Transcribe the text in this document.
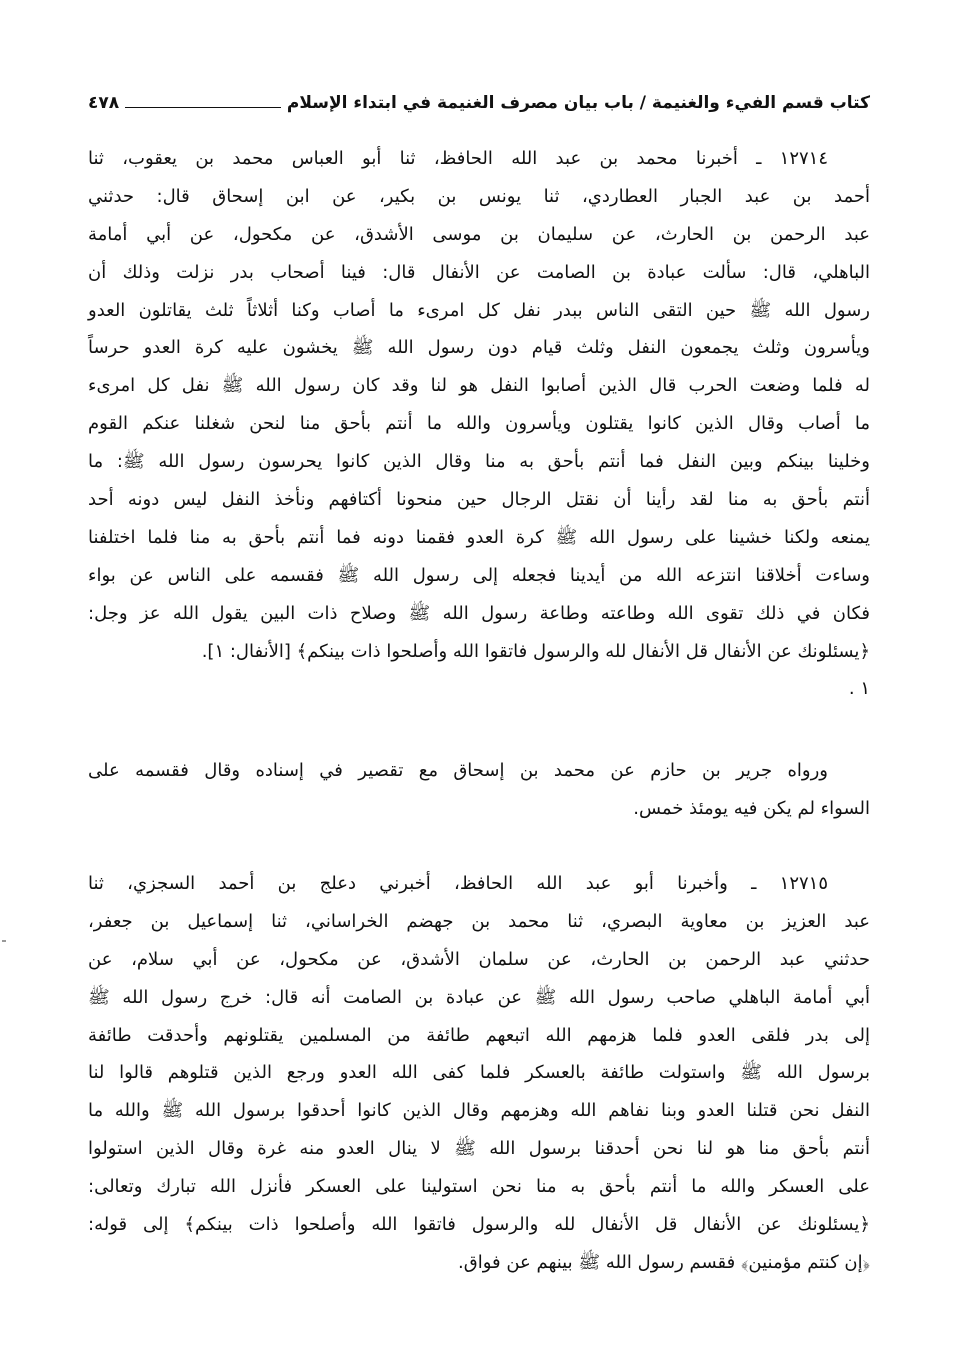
كتاب قسم الفيء والغنيمة / باب بيان مصرف الغنيمة في ابتداء الإسلام
٤٧٨
١٢٧١٤ ـ أخبرنا محمد بن عبد الله الحافظ، ثنا أبو العباس محمد بن يعقوب، ثنا
أحمد بن عبد الجبار العطاردي، ثنا يونس بن بكير، عن ابن إسحاق قال: حدثني
عبد الرحمن بن الحارث، عن سليمان بن موسى الأشدق، عن مكحول، عن أبي أمامة
الباهلي، قال: سألت عبادة بن الصامت عن الأنفال قال: فينا أصحاب بدر نزلت وذلك أن
رسول الله ﷺ حين التقى الناس ببدر نفل كل امرىء ما أصاب وكنا أثلاثاً ثلث يقاتلون العدو
ويأسرون وثلث يجمعون النفل وثلث قيام دون رسول الله ﷺ يخشون عليه كرة العدو حرساً
له فلما وضعت الحرب قال الذين أصابوا النفل هو لنا وقد كان رسول الله ﷺ نفل كل امرىء
ما أصاب وقال الذين كانوا يقتلون ويأسرون والله ما أنتم بأحق منا لنحن شغلنا عنكم القوم
وخلينا بينكم وبين النفل فما أنتم بأحق به منا وقال الذين كانوا يحرسون رسول الله ﷺ: ما
أنتم بأحق به منا لقد رأينا أن نقتل الرجال حين منحونا أكتافهم ونأخذ النفل ليس دونه أحد
يمنعه ولكنا خشينا على رسول الله ﷺ كرة العدو فقمنا دونه فما أنتم بأحق به منا فلما اختلفنا
وساءت أخلاقنا انتزعه الله من أيدينا فجعله إلى رسول الله ﷺ فقسمه على الناس عن بواء
فكان في ذلك تقوى الله وطاعته وطاعة رسول الله ﷺ وصلاح ذات البين يقول الله عز وجل:
﴿يسئلونك عن الأنفال قل الأنفال لله والرسول فاتقوا الله وأصلحوا ذات بينكم﴾ [الأنفال: ١].
١ .
ورواه جرير بن حازم عن محمد بن إسحاق مع تقصير في إسناده وقال فقسمه على
السواء لم يكن فيه يومئذ خمس.
١٢٧١٥ ـ وأخبرنا أبو عبد الله الحافظ، أخبرني دعلج بن أحمد السجزي، ثنا
عبد العزيز بن معاوية البصري، ثنا محمد بن جهضم الخراساني، ثنا إسماعيل بن جعفر،
حدثني عبد الرحمن بن الحارث، عن سلمان الأشدق، عن مكحول، عن أبي سلام، عن
أبي أمامة الباهلي صاحب رسول الله ﷺ عن عبادة بن الصامت أنه قال: خرج رسول الله ﷺ
إلى بدر فلقى العدو فلما هزمهم الله اتبعهم طائفة من المسلمين يقتلونهم وأحدقت طائفة
برسول الله ﷺ واستولت طائفة بالعسكر فلما كفى الله العدو ورجع الذين قتلوهم قالوا لنا
النفل نحن قتلنا العدو وبنا نفاهم الله وهزمهم وقال الذين كانوا أحدقوا برسول الله ﷺ والله ما
أنتم بأحق منا هو لنا نحن أحدقنا برسول الله ﷺ لا ينال العدو منه غرة وقال الذين استولوا
على العسكر والله ما أنتم بأحق به منا نحن استولينا على العسكر فأنزل الله تبارك وتعالى:
﴿يسئلونك عن الأنفال قل الأنفال لله والرسول فاتقوا الله وأصلحوا ذات بينكم﴾ إلى قوله:
﴿إن كنتم مؤمنين﴾ فقسم رسول الله ﷺ بينهم عن فواق.
